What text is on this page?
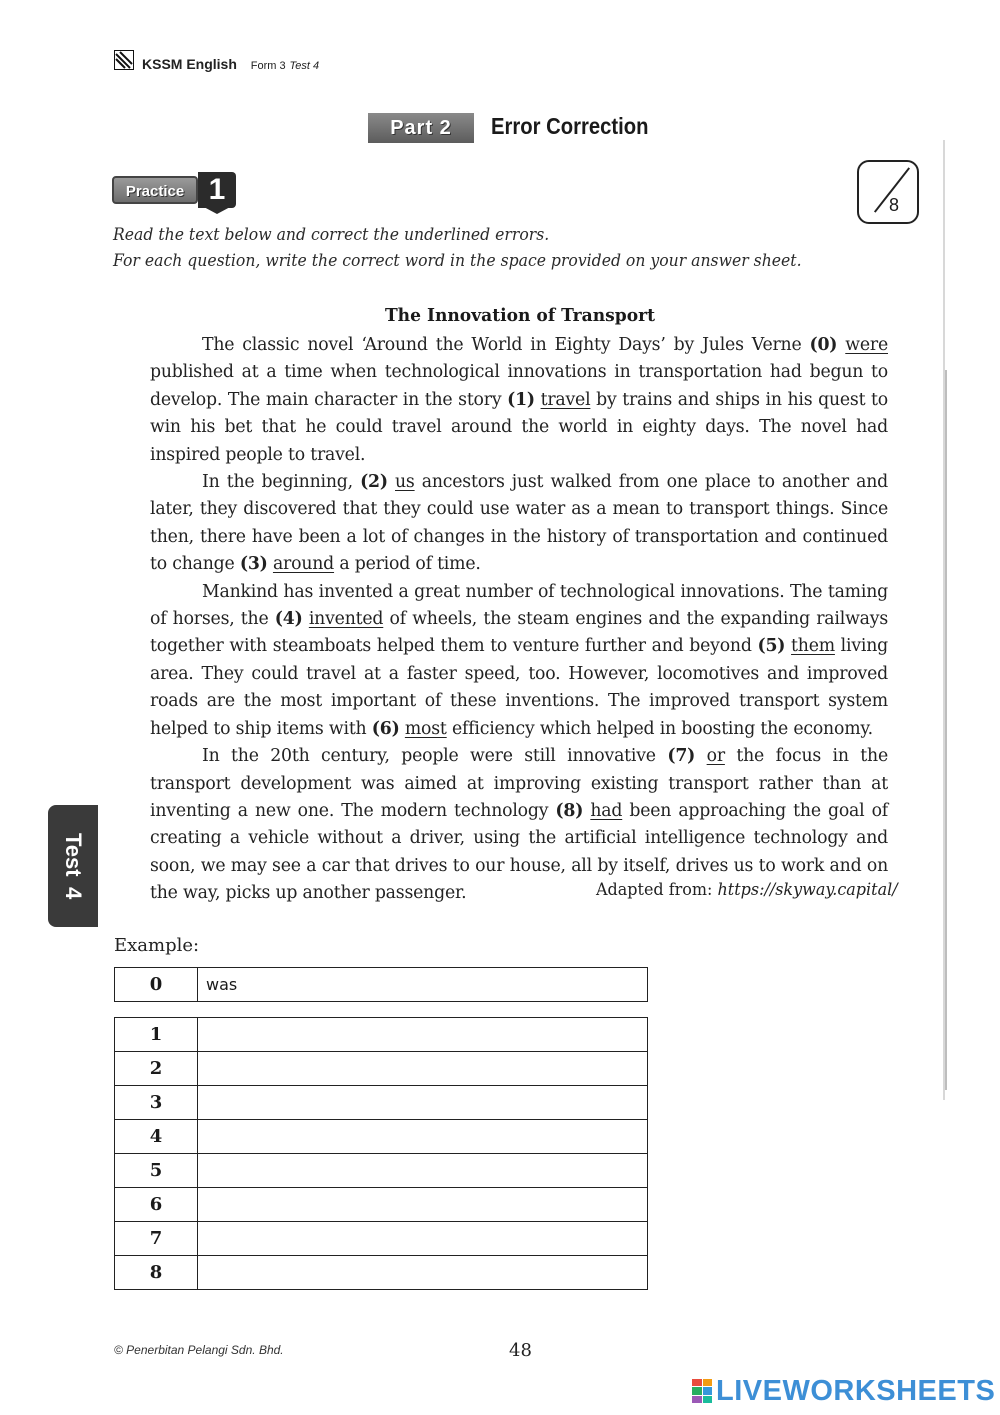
KSSM English Form 3 Test 4
Part 2	Error Correction
Practice 1	8
Read the text below and correct the underlined errors.
For each question, write the correct word in the space provided on your answer sheet.
The Innovation of Transport

The classic novel ‘Around the World in Eighty Days’ by Jules Verne (0) were published at a time when technological innovations in transportation had begun to develop. The main character in the story (1) travel by trains and ships in his quest to win his bet that he could travel around the world in eighty days. The novel had inspired people to travel.

In the beginning, (2) us ancestors just walked from one place to another and later, they discovered that they could use water as a mean to transport things. Since then, there have been a lot of changes in the history of transportation and continued to change (3) around a period of time.

Mankind has invented a great number of technological innovations. The taming of horses, the (4) invented of wheels, the steam engines and the expanding railways together with steamboats helped them to venture further and beyond (5) them living area. They could travel at a faster speed, too. However, locomotives and improved roads are the most important of these inventions. The improved transport system helped to ship items with (6) most efficiency which helped in boosting the economy.

In the 20th century, people were still innovative (7) or the focus in the transport development was aimed at improving existing transport rather than at inventing a new one. The modern technology (8) had been approaching the goal of creating a vehicle without a driver, using the artificial intelligence technology and soon, we may see a car that drives to our house, all by itself, drives us to work and on the way, picks up another passenger.	Adapted from: https://skyway.capital/
Test
4
Example:
0	was
1	
2	
3	
4	
5	
6	
7	
8	
© Penerbitan Pelangi Sdn. Bhd.	48
LIVEWORKSHEETS
